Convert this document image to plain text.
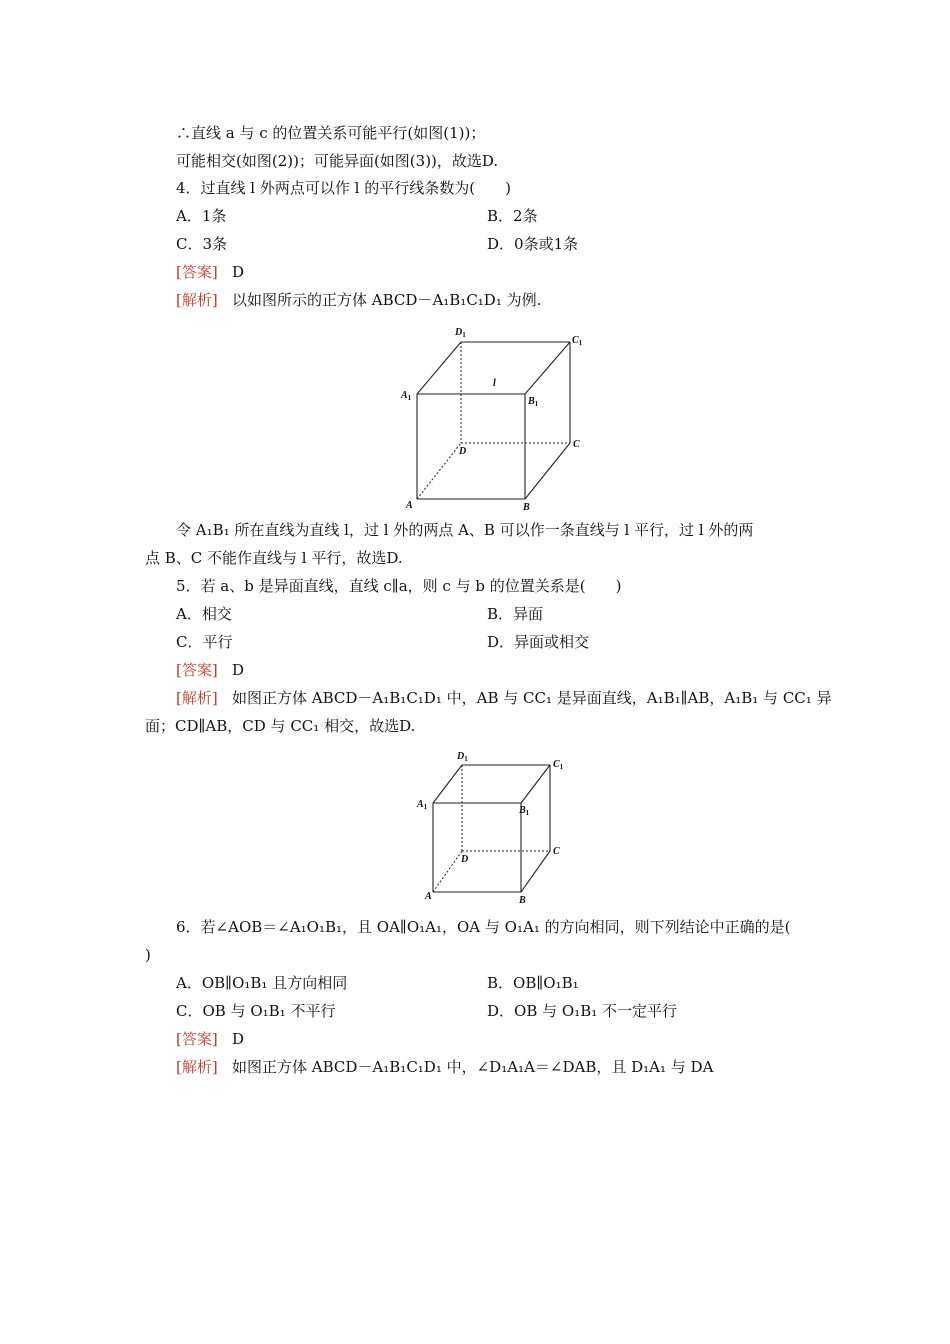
∴直线 a 与 c 的位置关系可能平行(如图(1))；
可能相交(如图(2))；可能异面(如图(3))，故选D.
4．过直线 l 外两点可以作 l 的平行线条数为(　　)
A．1条	B．2条
C．3条	D．0条或1条
[答案] D
[解析] 以如图所示的正方体 ABCD－A₁B₁C₁D₁ 为例.
$D_1$	$C_1$
$A_1$	$B_1$
l
C
D
A	B
令 A₁B₁ 所在直线为直线 l，过 l 外的两点 A、B 可以作一条直线与 l 平行，过 l 外的两
点 B、C 不能作直线与 l 平行，故选D.
5．若 a、b 是异面直线，直线 c∥a，则 c 与 b 的位置关系是(　　)
A．相交	B．异面
C．平行	D．异面或相交
[答案] D
[解析] 如图正方体 ABCD－A₁B₁C₁D₁ 中，AB 与 CC₁ 是异面直线，A₁B₁∥AB，A₁B₁ 与 CC₁ 异
面；CD∥AB，CD 与 CC₁ 相交，故选D.
$D_1$	$C_1$
$A_1$	$B_1$
C
D
A	B
6．若∠AOB＝∠A₁O₁B₁，且 OA∥O₁A₁，OA 与 O₁A₁ 的方向相同，则下列结论中正确的是(
)
A．OB∥O₁B₁ 且方向相同	B．OB∥O₁B₁
C．OB 与 O₁B₁ 不平行	D．OB 与 O₁B₁ 不一定平行
[答案] D
[解析] 如图正方体 ABCD－A₁B₁C₁D₁ 中，∠D₁A₁A＝∠DAB，且 D₁A₁ 与 DA
